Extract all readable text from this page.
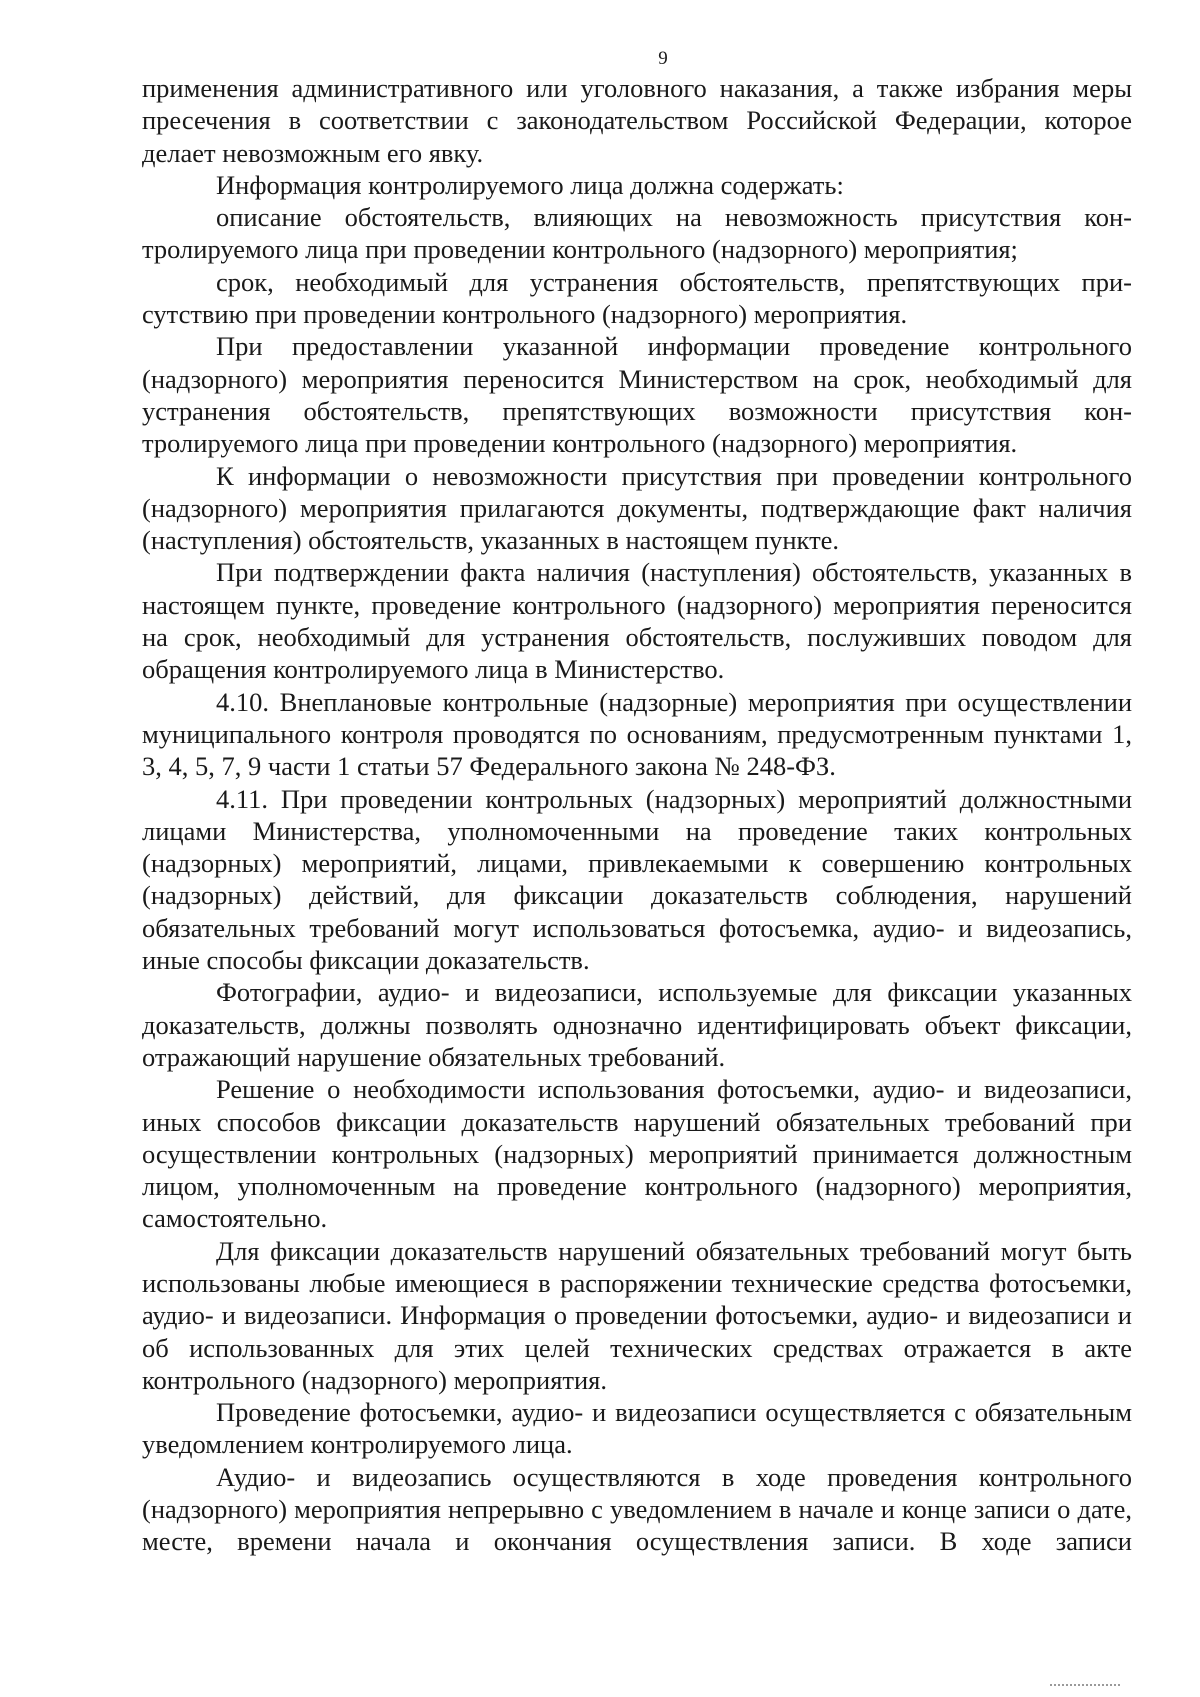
9

применения административного или уголовного наказания, а также избрания меры пресечения в соответствии с законодательством Российской Федерации, которое делает невозможным его явку.

Информация контролируемого лица должна содержать:

описание обстоятельств, влияющих на невозможность присутствия контролируемого лица при проведении контрольного (надзорного) мероприятия;

срок, необходимый для устранения обстоятельств, препятствующих присутствию при проведении контрольного (надзорного) мероприятия.

При предоставлении указанной информации проведение контрольного (надзорного) мероприятия переносится Министерством на срок, необходимый для устранения обстоятельств, препятствующих возможности присутствия контролируемого лица при проведении контрольного (надзорного) мероприятия.

К информации о невозможности присутствия при проведении контрольного (надзорного) мероприятия прилагаются документы, подтверждающие факт наличия (наступления) обстоятельств, указанных в настоящем пункте.

При подтверждении факта наличия (наступления) обстоятельств, указанных в настоящем пункте, проведение контрольного (надзорного) мероприятия переносится на срок, необходимый для устранения обстоятельств, послуживших поводом для обращения контролируемого лица в Министерство.

4.10. Внеплановые контрольные (надзорные) мероприятия при осуществлении муниципального контроля проводятся по основаниям, предусмотренным пунктами 1, 3, 4, 5, 7, 9 части 1 статьи 57 Федерального закона № 248-ФЗ.

4.11. При проведении контрольных (надзорных) мероприятий должностными лицами Министерства, уполномоченными на проведение таких контрольных (надзорных) мероприятий, лицами, привлекаемыми к совершению контрольных (надзорных) действий, для фиксации доказательств соблюдения, нарушений обязательных требований могут использоваться фотосъемка, аудио- и видеозапись, иные способы фиксации доказательств.

Фотографии, аудио- и видеозаписи, используемые для фиксации указанных доказательств, должны позволять однозначно идентифицировать объект фиксации, отражающий нарушение обязательных требований.

Решение о необходимости использования фотосъемки, аудио- и видеозаписи, иных способов фиксации доказательств нарушений обязательных требований при осуществлении контрольных (надзорных) мероприятий принимается должностным лицом, уполномоченным на проведение контрольного (надзорного) мероприятия, самостоятельно.

Для фиксации доказательств нарушений обязательных требований могут быть использованы любые имеющиеся в распоряжении технические средства фотосъемки, аудио- и видеозаписи. Информация о проведении фотосъемки, аудио- и видеозаписи и об использованных для этих целей технических средствах отражается в акте контрольного (надзорного) мероприятия.

Проведение фотосъемки, аудио- и видеозаписи осуществляется с обязательным уведомлением контролируемого лица.

Аудио- и видеозапись осуществляются в ходе проведения контрольного (надзорного) мероприятия непрерывно с уведомлением в начале и конце записи о дате, месте, времени начала и окончания осуществления записи. В ходе записи
